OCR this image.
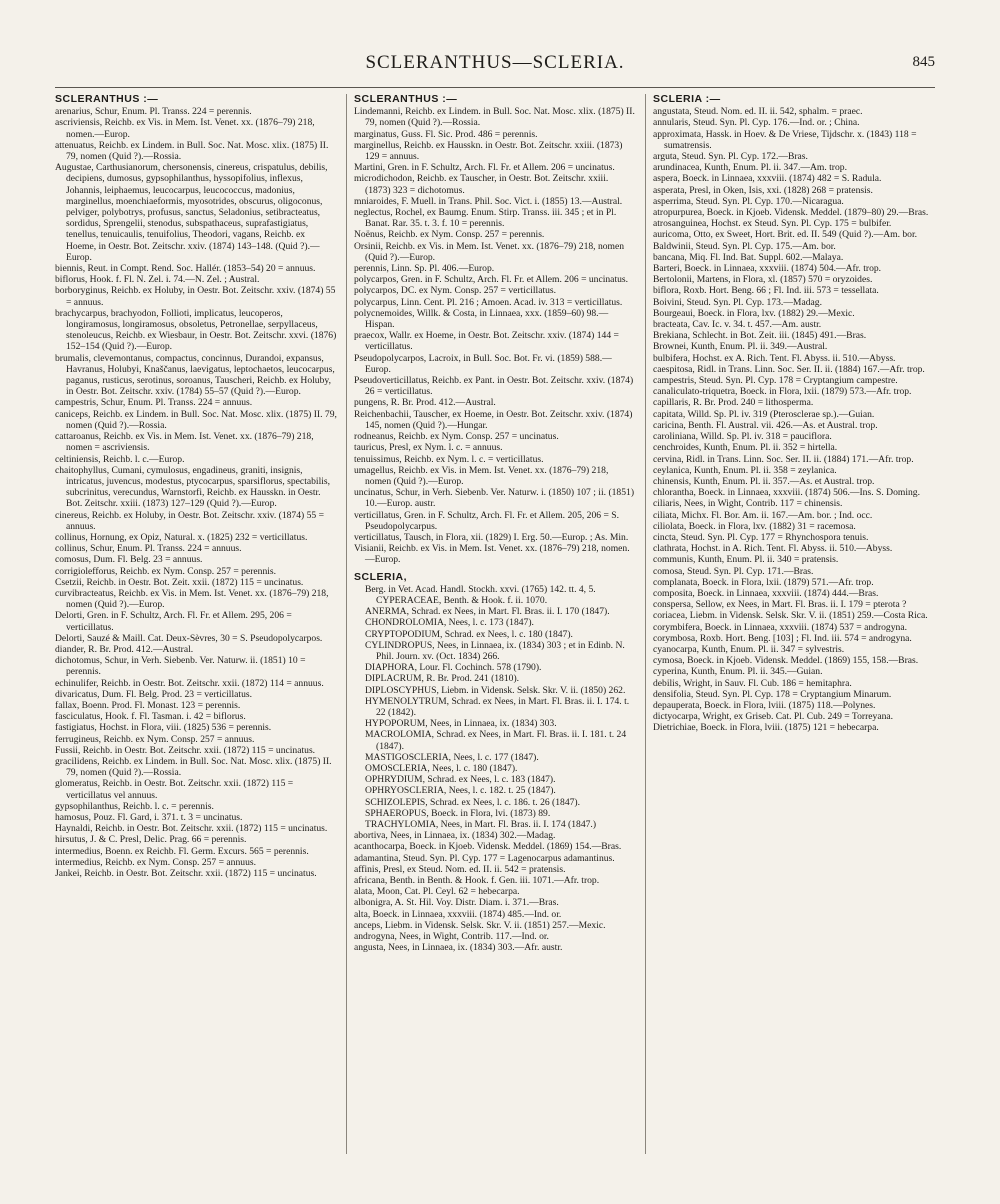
SCLERANTHUS—SCLERIA.	845

SCLERANTHUS :—

arenarius, Schur, Enum. Pl. Transs. 224 = perennis.

ascriviensis, Reichb. ex Vis. in Mem. Ist. Venet. xx. (1876–79) 218, nomen.—Europ.

attenuatus, Reichb. ex Lindem. in Bull. Soc. Nat. Mosc. xlix. (1875) II. 79, nomen (Quid ?).—Rossia.

Augustae, Carthusianorum, chersonensis, cinereus, crispatulus, debilis, decipiens, dumosus, gypsophilanthus, hyssopifolius, inflexus, Johannis, leiphaemus, leucocarpus, leucococcus, madonius, marginellus, moenchiaeformis, myosotrides, obscurus, oligoconus, pelviger, polybotrys, profusus, sanctus, Seladonius, setibracteatus, sordidus, Sprengelii, stenodus, subspathaceus, suprafastigiatus, tenellus, tenuicaulis, tenuifolius, Theodori, vagans, Reichb. ex Hoeme, in Oestr. Bot. Zeitschr. xxiv. (1874) 143–148. (Quid ?).—Europ.

biennis, Reut. in Compt. Rend. Soc. Hallér. (1853–54) 20 = annuus.

biflorus, Hook. f. Fl. N. Zel. i. 74.—N. Zel. ; Austral.

borboryginus, Reichb. ex Holuby, in Oestr. Bot. Zeitschr. xxiv. (1874) 55 = annuus.

brachycarpus, brachyodon, Follioti, implicatus, leucoperos, longiramosus, longiramosus, obsoletus, Petronellae, serpyllaceus, stenoleucus, Reichb. ex Wiesbaur, in Oestr. Bot. Zeitschr. xxvi. (1876) 152–154 (Quid ?).—Europ.

brumalis, clevemontanus, compactus, concinnus, Durandoi, expansus, Havranus, Holubyi, Knaščanus, laevigatus, leptochaetos, leucocarpus, paganus, rusticus, serotinus, soroanus, Tauscheri, Reichb. ex Holuby, in Oestr. Bot. Zeitschr. xxiv. (1784) 55–57 (Quid ?).—Europ.

campestris, Schur, Enum. Pl. Transs. 224 = annuus.

caniceps, Reichb. ex Lindem. in Bull. Soc. Nat. Mosc. xlix. (1875) II. 79, nomen (Quid ?).—Rossia.

cattaroanus, Reichb. ex Vis. in Mem. Ist. Venet. xx. (1876–79) 218, nomen = ascriviensis.

celtiniensis, Reichb. l. c.—Europ.

chaitophyllus, Cumani, cymulosus, engadineus, graniti, insignis, intricatus, juvencus, modestus, ptycocarpus, sparsiflorus, spectabilis, subcrinitus, verecundus, Warnstorfi, Reichb. ex Hausskn. in Oestr. Bot. Zeitschr. xxiii. (1873) 127–129 (Quid ?).—Europ.

cinereus, Reichb. ex Holuby, in Oestr. Bot. Zeitschr. xxiv. (1874) 55 = annuus.

collinus, Hornung, ex Opiz, Natural. x. (1825) 232 = verticillatus.

collinus, Schur, Enum. Pl. Transs. 224 = annuus.

comosus, Dum. Fl. Belg. 23 = annuus.

corrigiolefforus, Reichb. ex Nym. Consp. 257 = perennis.

Csetzii, Reichb. in Oestr. Bot. Zeit. xxii. (1872) 115 = uncinatus.

curvibracteatus, Reichb. ex Vis. in Mem. Ist. Venet. xx. (1876–79) 218, nomen (Quid ?).—Europ.

Delorti, Gren. in F. Schultz, Arch. Fl. Fr. et Allem. 295, 206 = verticillatus.

Delorti, Sauzé & Maill. Cat. Deux-Sèvres, 30 = S. Pseudopolycarpos.

diander, R. Br. Prod. 412.—Austral.

dichotomus, Schur, in Verh. Siebenb. Ver. Naturw. ii. (1851) 10 = perennis.

echinulifer, Reichb. in Oestr. Bot. Zeitschr. xxii. (1872) 114 = annuus.

divaricatus, Dum. Fl. Belg. Prod. 23 = verticillatus.

fallax, Boenn. Prod. Fl. Monast. 123 = perennis.

fasciculatus, Hook. f. Fl. Tasman. i. 42 = biflorus.

fastigiatus, Hochst. in Flora, viii. (1825) 536 = perennis.

ferrugineus, Reichb. ex Nym. Consp. 257 = annuus.

Fussii, Reichb. in Oestr. Bot. Zeitschr. xxii. (1872) 115 = uncinatus.

gracilidens, Reichb. ex Lindem. in Bull. Soc. Nat. Mosc. xlix. (1875) II. 79, nomen (Quid ?).—Rossia.

glomeratus, Reichb. in Oestr. Bot. Zeitschr. xxii. (1872) 115 = verticillatus vel annuus.

gypsophilanthus, Reichb. l. c. = perennis.

hamosus, Pouz. Fl. Gard, i. 371. t. 3 = uncinatus.

Haynaldi, Reichb. in Oestr. Bot. Zeitschr. xxii. (1872) 115 = uncinatus.

hirsutus, J. & C. Presl, Delic. Prag. 66 = perennis.

intermedius, Boenn. ex Reichb. Fl. Germ. Excurs. 565 = perennis.

intermedius, Reichb. ex Nym. Consp. 257 = annuus.

Jankei, Reichb. in Oestr. Bot. Zeitschr. xxii. (1872) 115 = uncinatus.

SCLERANTHUS :—

Lindemanni, Reichb. ex Lindem. in Bull. Soc. Nat. Mosc. xlix. (1875) II. 79, nomen (Quid ?).—Rossia.

marginatus, Guss. Fl. Sic. Prod. 486 = perennis.

marginellus, Reichb. ex Hausskn. in Oestr. Bot. Zeitschr. xxiii. (1873) 129 = annuus.

Martini, Gren. in F. Schultz, Arch. Fl. Fr. et Allem. 206 = uncinatus.

microdichodon, Reichb. ex Tauscher, in Oestr. Bot. Zeitschr. xxiii. (1873) 323 = dichotomus.

mniaroides, F. Muell. in Trans. Phil. Soc. Vict. i. (1855) 13.—Austral.

neglectus, Rochel, ex Baumg. Enum. Stirp. Transs. iii. 345 ; et in Pl. Banat. Rar. 35. t. 3. f. 10 = perennis.

Noënus, Reichb. ex Nym. Consp. 257 = perennis.

Orsinii, Reichb. ex Vis. in Mem. Ist. Venet. xx. (1876–79) 218, nomen (Quid ?).—Europ.

perennis, Linn. Sp. Pl. 406.—Europ.

polycarpos, Gren. in F. Schultz, Arch. Fl. Fr. et Allem. 206 = uncinatus.

polycarpos, DC. ex Nym. Consp. 257 = verticillatus.

polycarpus, Linn. Cent. Pl. 216 ; Amoen. Acad. iv. 313 = verticillatus.

polycnemoides, Willk. & Costa, in Linnaea, xxx. (1859–60) 98.—Hispan.

praecox, Wallr. ex Hoeme, in Oestr. Bot. Zeitschr. xxiv. (1874) 144 = verticillatus.

Pseudopolycarpos, Lacroix, in Bull. Soc. Bot. Fr. vi. (1859) 588.—Europ.

Pseudoverticillatus, Reichb. ex Pant. in Oestr. Bot. Zeitschr. xxiv. (1874) 26 = verticillatus.

pungens, R. Br. Prod. 412.—Austral.

Reichenbachii, Tauscher, ex Hoeme, in Oestr. Bot. Zeitschr. xxiv. (1874) 145, nomen (Quid ?).—Hungar.

rodneanus, Reichb. ex Nym. Consp. 257 = uncinatus.

tauricus, Presl, ex Nym. l. c. = annuus.

tenuissimus, Reichb. ex Nym. l. c. = verticillatus.

umagellus, Reichb. ex Vis. in Mem. Ist. Venet. xx. (1876–79) 218, nomen (Quid ?).—Europ.

uncinatus, Schur, in Verh. Siebenb. Ver. Naturw. i. (1850) 107 ; ii. (1851) 10.—Europ. austr.

verticillatus, Gren. in F. Schultz, Arch. Fl. Fr. et Allem. 205, 206 = S. Pseudopolycarpus.

verticillatus, Tausch, in Flora, xii. (1829) I. Erg. 50.—Europ. ; As. Min.

Visianii, Reichb. ex Vis. in Mem. Ist. Venet. xx. (1876–79) 218, nomen.—Europ.

SCLERIA,

Berg. in Vet. Acad. Handl. Stockh. xxvi. (1765) 142. tt. 4, 5. CYPERACEAE, Benth. & Hook. f. ii. 1070.

ANERMA, Schrad. ex Nees, in Mart. Fl. Bras. ii. I. 170 (1847).

CHONDROLOMIA, Nees, l. c. 173 (1847).

CRYPTOPODIUM, Schrad. ex Nees, l. c. 180 (1847).

CYLINDROPUS, Nees, in Linnaea, ix. (1834) 303 ; et in Edinb. N. Phil. Journ. xv. (Oct. 1834) 266.

DIAPHORA, Lour. Fl. Cochinch. 578 (1790).

DIPLACRUM, R. Br. Prod. 241 (1810).

DIPLOSCYPHUS, Liebm. in Vidensk. Selsk. Skr. V. ii. (1850) 262.

HYMENOLYTRUM, Schrad. ex Nees, in Mart. Fl. Bras. ii. I. 174. t. 22 (1842).

HYPOPORUM, Nees, in Linnaea, ix. (1834) 303.

MACROLOMIA, Schrad. ex Nees, in Mart. Fl. Bras. ii. I. 181. t. 24 (1847).

MASTIGOSCLERIA, Nees, l. c. 177 (1847).

OMOSCLERIA, Nees, l. c. 180 (1847).

OPHRYDIUM, Schrad. ex Nees, l. c. 183 (1847).

OPHRYOSCLERIA, Nees, l. c. 182. t. 25 (1847).

SCHIZOLEPIS, Schrad. ex Nees, l. c. 186. t. 26 (1847).

SPHAEROPUS, Boeck. in Flora, lvi. (1873) 89.

TRACHYLOMIA, Nees, in Mart. Fl. Bras. ii. I. 174 (1847.)

abortiva, Nees, in Linnaea, ix. (1834) 302.—Madag.

acanthocarpa, Boeck. in Kjoeb. Vidensk. Meddel. (1869) 154.—Bras.

adamantina, Steud. Syn. Pl. Cyp. 177 = Lagenocarpus adamantinus.

affinis, Presl, ex Steud. Nom. ed. II. ii. 542 = pratensis.

africana, Benth. in Benth. & Hook. f. Gen. iii. 1071.—Afr. trop.

alata, Moon, Cat. Pl. Ceyl. 62 = hebecarpa.

albonigra, A. St. Hil. Voy. Distr. Diam. i. 371.—Bras.

alta, Boeck. in Linnaea, xxxviii. (1874) 485.—Ind. or.

anceps, Liebm. in Vidensk. Selsk. Skr. V. ii. (1851) 257.—Mexic.

androgyna, Nees, in Wight, Contrib. 117.—Ind. or.

angusta, Nees, in Linnaea, ix. (1834) 303.—Afr. austr.

SCLERIA :—

angustata, Steud. Nom. ed. II. ii. 542, sphalm. = praec.

annularis, Steud. Syn. Pl. Cyp. 176.—Ind. or. ; China.

approximata, Hassk. in Hoev. & De Vriese, Tijdschr. x. (1843) 118 = sumatrensis.

arguta, Steud. Syn. Pl. Cyp. 172.—Bras.

arundinacea, Kunth, Enum. Pl. ii. 347.—Am. trop.

aspera, Boeck. in Linnaea, xxxviii. (1874) 482 = S. Radula.

asperata, Presl, in Oken, Isis, xxi. (1828) 268 = pratensis.

asperrima, Steud. Syn. Pl. Cyp. 170.—Nicaragua.

atropurpurea, Boeck. in Kjoeb. Vidensk. Meddel. (1879–80) 29.—Bras.

atrosanguinea, Hochst. ex Steud. Syn. Pl. Cyp. 175 = bulbifer.

auricoma, Otto, ex Sweet, Hort. Brit. ed. II. 549 (Quid ?).—Am. bor.

Baldwinii, Steud. Syn. Pl. Cyp. 175.—Am. bor.

bancana, Miq. Fl. Ind. Bat. Suppl. 602.—Malaya.

Barteri, Boeck. in Linnaea, xxxviii. (1874) 504.—Afr. trop.

Bertolonii, Martens, in Flora, xl. (1857) 570 = oryzoides.

biflora, Roxb. Hort. Beng. 66 ; Fl. Ind. iii. 573 = tessellata.

Boivini, Steud. Syn. Pl. Cyp. 173.—Madag.

Bourgeaui, Boeck. in Flora, lxv. (1882) 29.—Mexic.

bracteata, Cav. Ic. v. 34. t. 457.—Am. austr.

Brekiana, Schlecht. in Bot. Zeit. iii. (1845) 491.—Bras.

Brownei, Kunth, Enum. Pl. ii. 349.—Austral.

bulbifera, Hochst. ex A. Rich. Tent. Fl. Abyss. ii. 510.—Abyss.

caespitosa, Ridl. in Trans. Linn. Soc. Ser. II. ii. (1884) 167.—Afr. trop.

campestris, Steud. Syn. Pl. Cyp. 178 = Cryptangium campestre.

canaliculato-triquetra, Boeck. in Flora, lxii. (1879) 573.—Afr. trop.

capillaris, R. Br. Prod. 240 = lithosperma.

capitata, Willd. Sp. Pl. iv. 319 (Pterosclerae sp.).—Guian.

caricina, Benth. Fl. Austral. vii. 426.—As. et Austral. trop.

caroliniana, Willd. Sp. Pl. iv. 318 = pauciflora.

cenchroides, Kunth, Enum. Pl. ii. 352 = hirtella.

cervina, Ridl. in Trans. Linn. Soc. Ser. II. ii. (1884) 171.—Afr. trop.

ceylanica, Kunth, Enum. Pl. ii. 358 = zeylanica.

chinensis, Kunth, Enum. Pl. ii. 357.—As. et Austral. trop.

chlorantha, Boeck. in Linnaea, xxxviii. (1874) 506.—Ins. S. Doming.

ciliaris, Nees, in Wight, Contrib. 117 = chinensis.

ciliata, Michx. Fl. Bor. Am. ii. 167.—Am. bor. ; Ind. occ.

ciliolata, Boeck. in Flora, lxv. (1882) 31 = racemosa.

cincta, Steud. Syn. Pl. Cyp. 177 = Rhynchospora tenuis.

clathrata, Hochst. in A. Rich. Tent. Fl. Abyss. ii. 510.—Abyss.

communis, Kunth, Enum. Pl. ii. 340 = pratensis.

comosa, Steud. Syn. Pl. Cyp. 171.—Bras.

complanata, Boeck. in Flora, lxii. (1879) 571.—Afr. trop.

composita, Boeck. in Linnaea, xxxviii. (1874) 444.—Bras.

conspersa, Sellow, ex Nees, in Mart. Fl. Bras. ii. I. 179 = pterota ?

coriacea, Liebm. in Vidensk. Selsk. Skr. V. ii. (1851) 259.—Costa Rica.

corymbifera, Boeck. in Linnaea, xxxviii. (1874) 537 = androgyna.

corymbosa, Roxb. Hort. Beng. [103] ; Fl. Ind. iii. 574 = androgyna.

cyanocarpa, Kunth, Enum. Pl. ii. 347 = sylvestris.

cymosa, Boeck. in Kjoeb. Vidensk. Meddel. (1869) 155, 158.—Bras.

cyperina, Kunth, Enum. Pl. ii. 345.—Guian.

debilis, Wright, in Sauv. Fl. Cub. 186 = hemitaphra.

densifolia, Steud. Syn. Pl. Cyp. 178 = Cryptangium Minarum.

depauperata, Boeck. in Flora, lviii. (1875) 118.—Polynes.

dictyocarpa, Wright, ex Griseb. Cat. Pl. Cub. 249 = Torreyana.

Dietrichiae, Boeck. in Flora, lviii. (1875) 121 = hebecarpa.
